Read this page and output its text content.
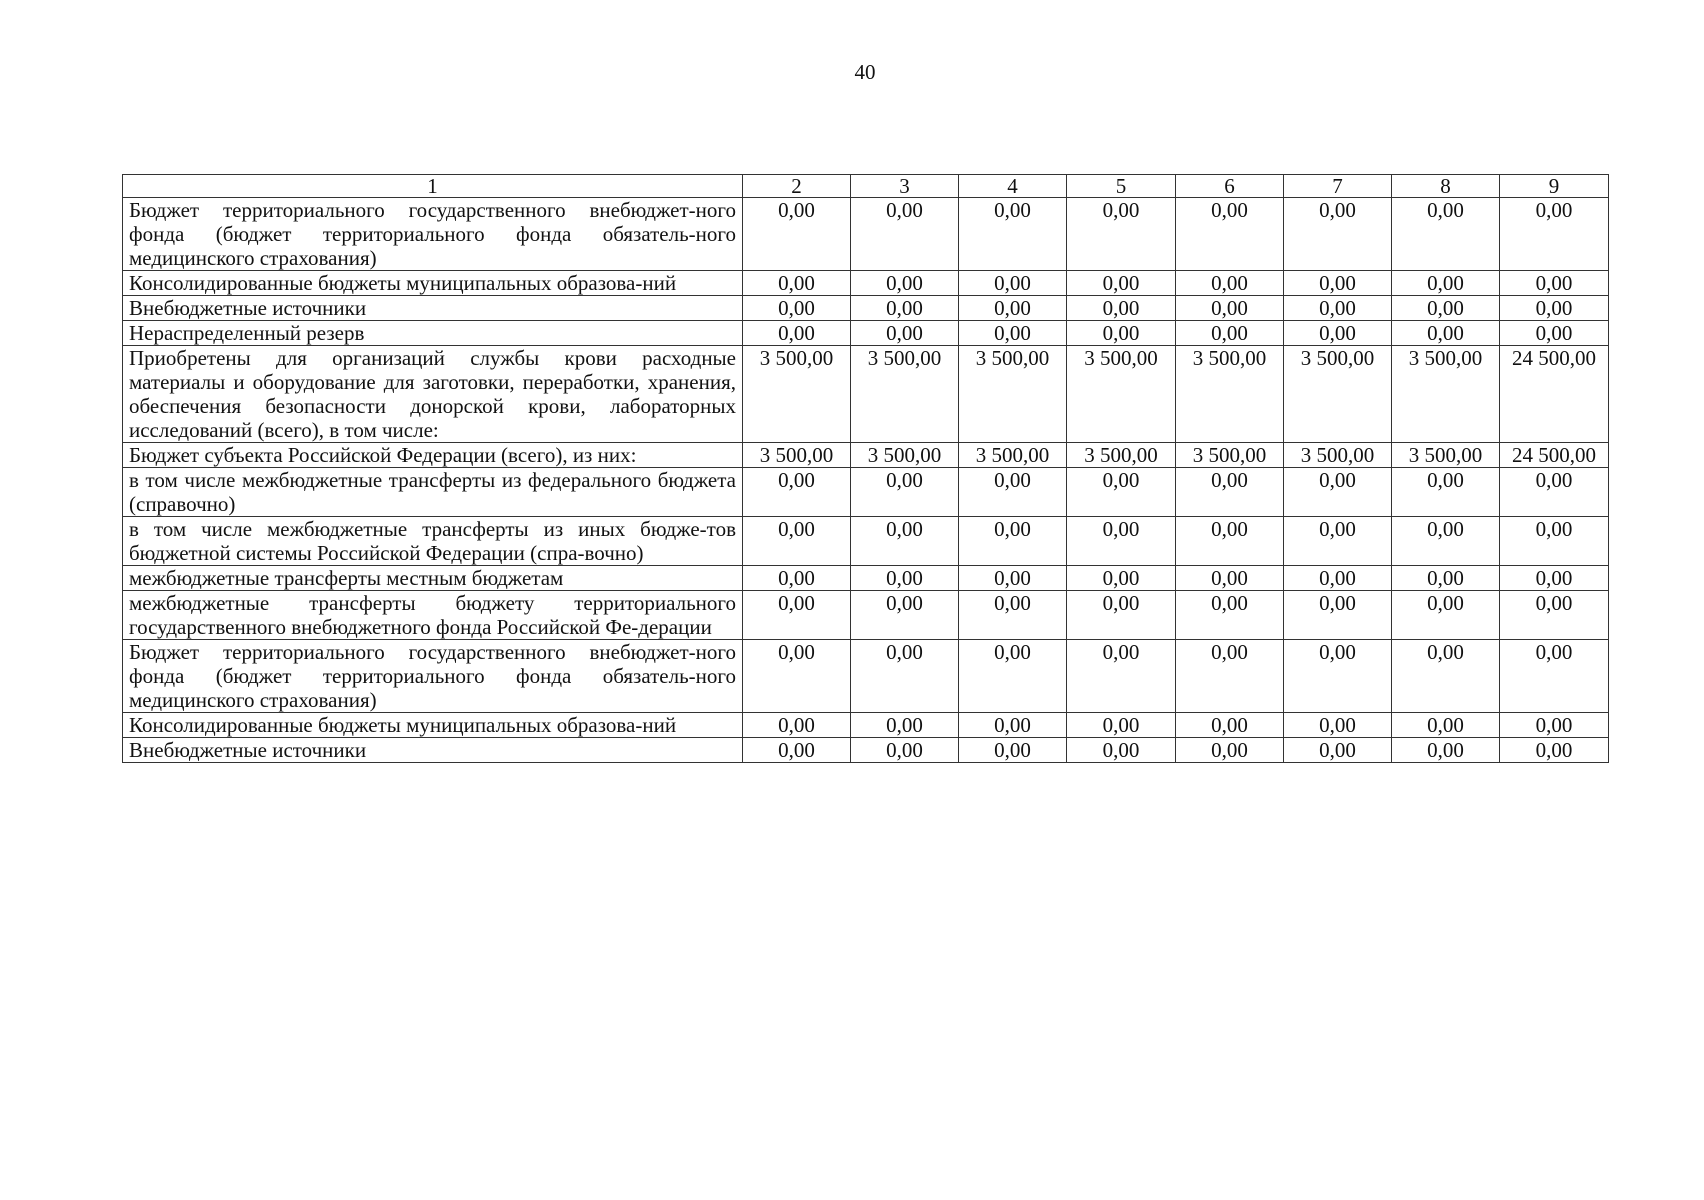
40
1	2	3	4	5	6	7	8	9
Бюджет территориального государственного внебюджет-ного фонда (бюджет территориального фонда обязатель-ного медицинского страхования)	0,00	0,00	0,00	0,00	0,00	0,00	0,00	0,00
Консолидированные бюджеты муниципальных образова-ний	0,00	0,00	0,00	0,00	0,00	0,00	0,00	0,00
Внебюджетные источники	0,00	0,00	0,00	0,00	0,00	0,00	0,00	0,00
Нераспределенный резерв	0,00	0,00	0,00	0,00	0,00	0,00	0,00	0,00
Приобретены для организаций службы крови расходные материалы и оборудование для заготовки, переработки, хранения, обеспечения безопасности донорской крови, лабораторных исследований (всего), в том числе:	3 500,00	3 500,00	3 500,00	3 500,00	3 500,00	3 500,00	3 500,00	24 500,00
Бюджет субъекта Российской Федерации (всего), из них:	3 500,00	3 500,00	3 500,00	3 500,00	3 500,00	3 500,00	3 500,00	24 500,00
в том числе межбюджетные трансферты из федерального бюджета (справочно)	0,00	0,00	0,00	0,00	0,00	0,00	0,00	0,00
в том числе межбюджетные трансферты из иных бюдже-тов бюджетной системы Российской Федерации (спра-вочно)	0,00	0,00	0,00	0,00	0,00	0,00	0,00	0,00
межбюджетные трансферты местным бюджетам	0,00	0,00	0,00	0,00	0,00	0,00	0,00	0,00
межбюджетные трансферты бюджету территориального государственного внебюджетного фонда Российской Фе-дерации	0,00	0,00	0,00	0,00	0,00	0,00	0,00	0,00
Бюджет территориального государственного внебюджет-ного фонда (бюджет территориального фонда обязатель-ного медицинского страхования)	0,00	0,00	0,00	0,00	0,00	0,00	0,00	0,00
Консолидированные бюджеты муниципальных образова-ний	0,00	0,00	0,00	0,00	0,00	0,00	0,00	0,00
Внебюджетные источники	0,00	0,00	0,00	0,00	0,00	0,00	0,00	0,00
